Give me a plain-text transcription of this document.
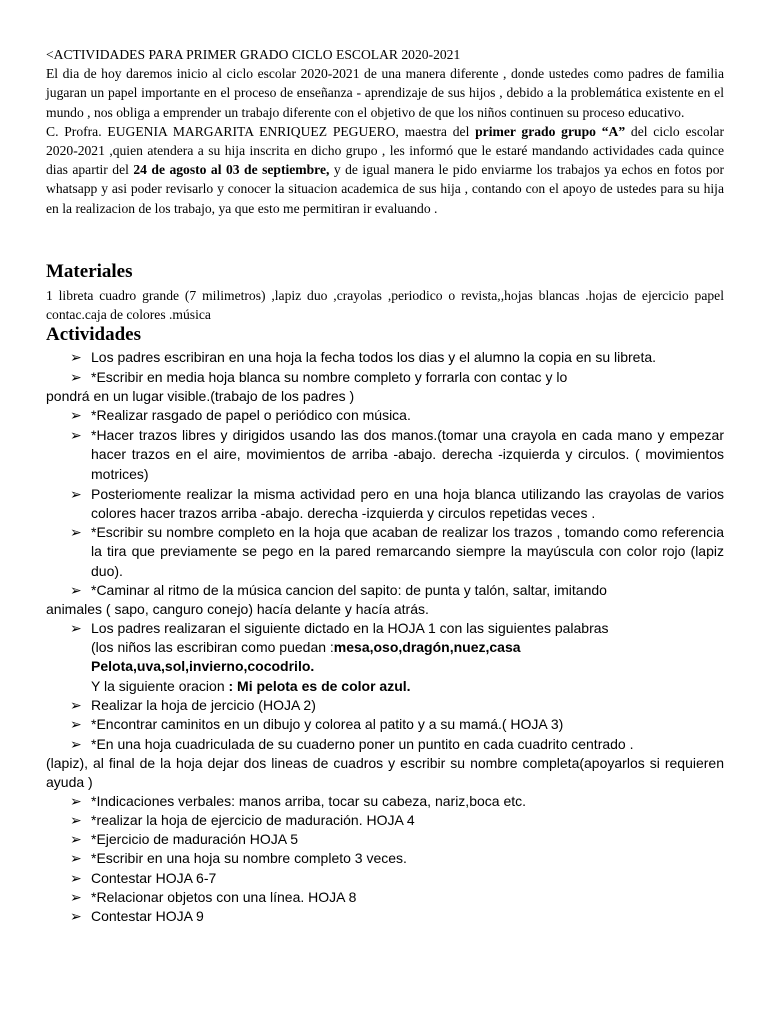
<ACTIVIDADES PARA PRIMER GRADO CICLO ESCOLAR 2020-2021

El dia de hoy daremos inicio al ciclo escolar 2020-2021 de una manera diferente , donde ustedes como padres de familia jugaran un papel importante en el proceso de enseñanza - aprendizaje de sus hijos , debido a la problemática existente en el mundo , nos obliga a emprender un trabajo diferente con el objetivo de que los niños continuen su proceso educativo.

C. Profra. EUGENIA MARGARITA ENRIQUEZ PEGUERO, maestra del primer grado grupo “A” del ciclo escolar 2020-2021 ,quien atendera a su hija inscrita en dicho grupo , les informó que le estaré mandando actividades cada quince dias apartir del 24 de agosto al 03 de septiembre, y de igual manera le pido enviarme los trabajos ya echos en fotos por whatsapp y asi poder revisarlo y conocer la situacion academica de sus hija , contando con el apoyo de ustedes para su hija en la realizacion de los trabajo, ya que esto me permitiran ir evaluando .

Materiales
1 libreta cuadro grande (7 milimetros) ,lapiz duo ,crayolas ,periodico o revista,,hojas blancas .hojas de ejercicio papel contac.caja de colores .música
Actividades
➢ Los padres escribiran en una hoja la fecha todos los dias y el alumno la copia en su libreta.
➢ *Escribir en media hoja blanca su nombre completo y forrarla con contac y lo
pondrá en un lugar visible.(trabajo de los padres )
➢ *Realizar rasgado de papel o periódico con música.
➢ *Hacer trazos libres y dirigidos usando las dos manos.(tomar una crayola en cada mano y empezar hacer trazos en el aire, movimientos de arriba -abajo. derecha -izquierda y circulos. ( movimientos motrices)
➢ Posteriomente realizar la misma actividad pero en una hoja blanca utilizando las crayolas de varios colores hacer trazos arriba -abajo. derecha -izquierda y circulos repetidas veces .
➢ *Escribir su nombre completo en la hoja que acaban de realizar los trazos , tomando como referencia la tira que previamente se pego en la pared remarcando siempre la mayúscula con color rojo (lapiz duo).
➢ *Caminar al ritmo de la música cancion del sapito: de punta y talón, saltar, imitando
animales ( sapo, canguro conejo) hacía delante y hacía atrás.
➢ Los padres realizaran el siguiente dictado en la HOJA 1 con las siguientes palabras
(los niños las escribiran como puedan :mesa,oso,dragón,nuez,casa
Pelota,uva,sol,invierno,cocodrilo.
Y la siguiente oracion : Mi pelota es de color azul.
➢ Realizar la hoja de jercicio (HOJA 2)
➢ *Encontrar caminitos en un dibujo y colorea al patito y a su mamá.( HOJA 3)
➢ *En una hoja cuadriculada de su cuaderno poner un puntito en cada cuadrito centrado .
(lapiz), al final de la hoja dejar dos lineas de cuadros y escribir su nombre completa(apoyarlos si requieren ayuda )
➢ *Indicaciones verbales: manos arriba, tocar su cabeza, nariz,boca etc.
➢ *realizar la hoja de ejercicio de maduración. HOJA 4
➢ *Ejercicio de maduración HOJA 5
➢ *Escribir en una hoja su nombre completo 3 veces.
➢ Contestar HOJA 6-7
➢ *Relacionar objetos con una línea. HOJA 8
➢ Contestar HOJA 9
